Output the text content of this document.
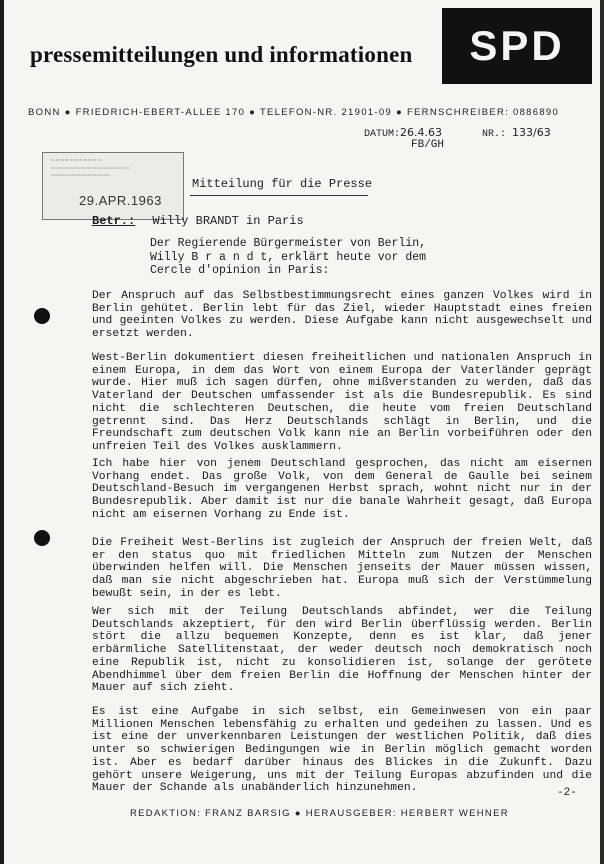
pressemitteilungen und informationen	SPD
BONN ● FRIEDRICH-EBERT-ALLEE 170 ● TELEFON-NR. 21901-09 ● FERNSCHREIBER: 0886890
DATUM:26.4.63	NR.: 133/63
FB/GH
≈≈≈≈≈≈≈≈≈≈≈
≈≈≈≈≈≈≈≈≈≈≈≈≈≈≈≈≈≈≈≈≈≈≈≈ ≈≈≈≈≈≈≈≈≈≈≈≈≈≈≈≈≈≈
29.APR.1963
Mitteilung für die Presse
Betr.: Willy BRANDT in Paris
Der Regierende Bürgermeister von Berlin,
Willy B r a n d t, erklärt heute vor dem
Cercle d'opinion in Paris:
Der Anspruch auf das Selbstbestimmungsrecht eines ganzen Volkes wird in Berlin gehütet. Berlin lebt für das Ziel, wieder Hauptstadt eines freien und geeinten Volkes zu werden. Diese Aufgabe kann nicht ausgewechselt und ersetzt werden.
West-Berlin dokumentiert diesen freiheitlichen und nationalen Anspruch in einem Europa, in dem das Wort von einem Europa der Vaterländer geprägt wurde. Hier muß ich sagen dürfen, ohne mißverstanden zu werden, daß das Vaterland der Deutschen umfassender ist als die Bundesrepublik. Es sind nicht die schlechteren Deutschen, die heute vom freien Deutschland getrennt sind. Das Herz Deutschlands schlägt in Berlin, und die Freundschaft zum deutschen Volk kann nie an Berlin vorbeiführen oder den unfreien Teil des Volkes ausklammern.
Ich habe hier von jenem Deutschland gesprochen, das nicht am eisernen Vorhang endet. Das große Volk, von dem General de Gaulle bei seinem Deutschland-Besuch im vergangenen Herbst sprach, wohnt nicht nur in der Bundesrepublik. Aber damit ist nur die banale Wahrheit gesagt, daß Europa nicht am eisernen Vorhang zu Ende ist.
Die Freiheit West-Berlins ist zugleich der Anspruch der freien Welt, daß er den status quo mit friedlichen Mitteln zum Nutzen der Menschen überwinden helfen will. Die Menschen jenseits der Mauer müssen wissen, daß man sie nicht abgeschrieben hat. Europa muß sich der Verstümmelung bewußt sein, in der es lebt.
Wer sich mit der Teilung Deutschlands abfindet, wer die Teilung Deutschlands akzeptiert, für den wird Berlin überflüssig werden. Berlin stört die allzu bequemen Konzepte, denn es ist klar, daß jener erbärmliche Satellitenstaat, der weder deutsch noch demokratisch noch eine Republik ist, nicht zu konsolidieren ist, solange der gerötete Abendhimmel über dem freien Berlin die Hoffnung der Menschen hinter der Mauer auf sich zieht.
Es ist eine Aufgabe in sich selbst, ein Gemeinwesen von ein paar Millionen Menschen lebensfähig zu erhalten und gedeihen zu lassen. Und es ist eine der unverkennbaren Leistungen der westlichen Politik, daß dies unter so schwierigen Bedingungen wie in Berlin möglich gemacht worden ist. Aber es bedarf darüber hinaus des Blickes in die Zukunft. Dazu gehört unsere Weigerung, uns mit der Teilung Europas abzufinden und die Mauer der Schande als unabänderlich hinzunehmen.	-2-
REDAKTION: FRANZ BARSIG ● HERAUSGEBER: HERBERT WEHNER
